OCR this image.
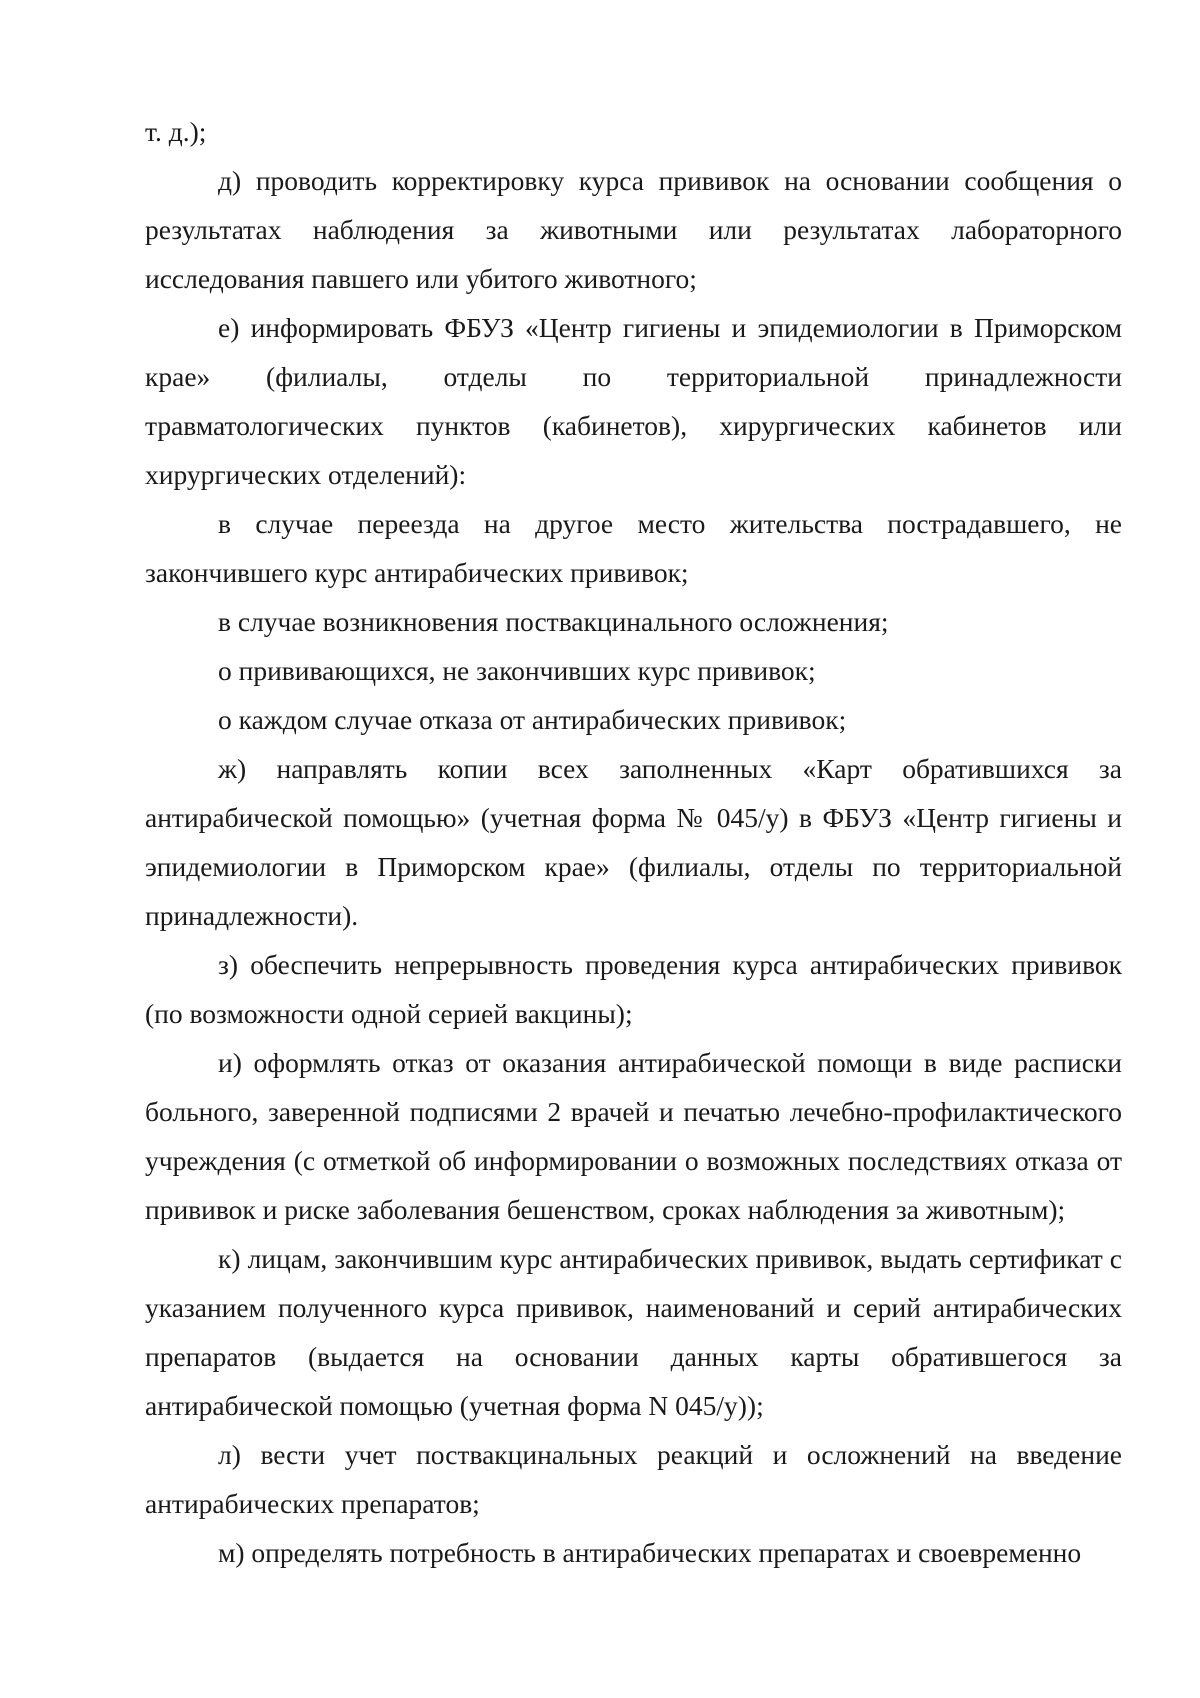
т. д.);

д) проводить корректировку курса прививок на основании сообщения о результатах наблюдения за животными или результатах лабораторного исследования павшего или убитого животного;

е) информировать ФБУЗ «Центр гигиены и эпидемиологии в Приморском крае» (филиалы, отделы по территориальной принадлежности травматологических пунктов (кабинетов), хирургических кабинетов или хирургических отделений):

в случае переезда на другое место жительства пострадавшего, не закончившего курс антирабических прививок;

в случае возникновения поствакцинального осложнения;

о прививающихся, не закончивших курс прививок;

о каждом случае отказа от антирабических прививок;

ж) направлять копии всех заполненных «Карт обратившихся за антирабической помощью» (учетная форма № 045/у) в ФБУЗ «Центр гигиены и эпидемиологии в Приморском крае» (филиалы, отделы по территориальной принадлежности).

з) обеспечить непрерывность проведения курса антирабических прививок (по возможности одной серией вакцины);

и) оформлять отказ от оказания антирабической помощи в виде расписки больного, заверенной подписями 2 врачей и печатью лечебно-профилактического учреждения (с отметкой об информировании о возможных последствиях отказа от прививок и риске заболевания бешенством, сроках наблюдения за животным);

к) лицам, закончившим курс антирабических прививок, выдать сертификат с указанием полученного курса прививок, наименований и серий антирабических препаратов (выдается на основании данных карты обратившегося за антирабической помощью (учетная форма N 045/у));

л) вести учет поствакцинальных реакций и осложнений на введение антирабических препаратов;

м) определять потребность в антирабических препаратах и своевременно
